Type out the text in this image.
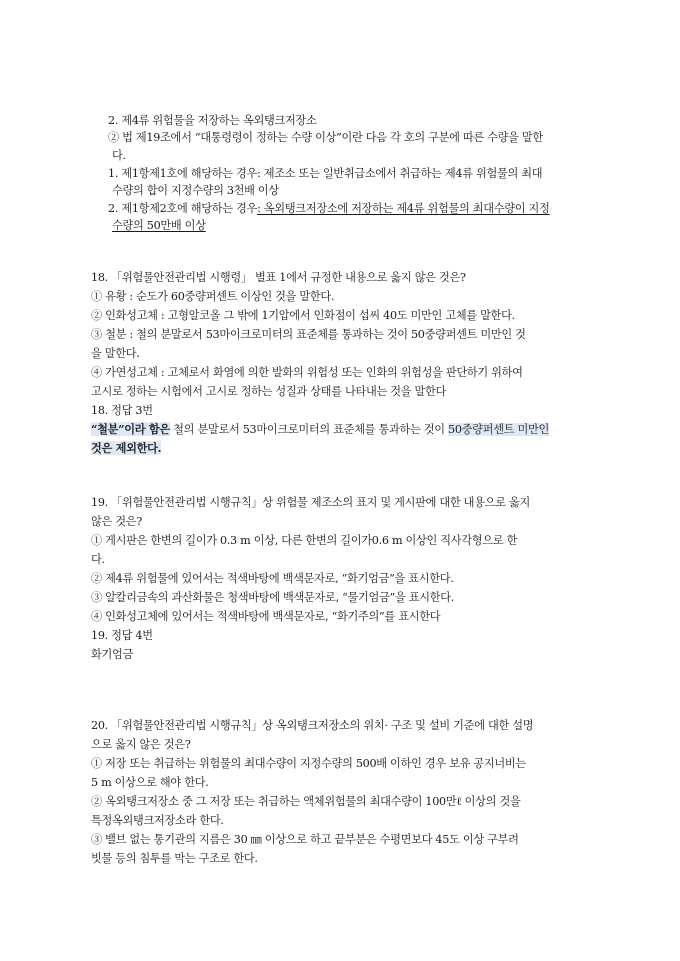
2. 제4류 위험물을 저장하는 옥외탱크저장소
② 법 제19조에서 “대통령령이 정하는 수량 이상”이란 다음 각 호의 구분에 따른 수량을 말한
다.
1. 제1항제1호에 해당하는 경우: 제조소 또는 일반취급소에서 취급하는 제4류 위험물의 최대
수량의 합이 지정수량의 3천배 이상
2. 제1항제2호에 해당하는 경우: 옥외탱크저장소에 저장하는 제4류 위험물의 최대수량이 지정
수량의 50만배 이상
18. 「위험물안전관리법 시행령」 별표 1에서 규정한 내용으로 옳지 않은 것은?
① 유황 : 순도가 60중량퍼센트 이상인 것을 말한다.
② 인화성고체 : 고형알코올 그 밖에 1기압에서 인화점이 섭씨 40도 미만인 고체를 말한다.
③ 철분 : 철의 분말로서 53마이크로미터의 표준체를 통과하는 것이 50중량퍼센트 미만인 것
을 말한다.
④ 가연성고체 : 고체로서 화염에 의한 발화의 위험성 또는 인화의 위험성을 판단하기 위하여
고시로 정하는 시험에서 고시로 정하는 성질과 상태를 나타내는 것을 말한다
18. 정답 3번
“철분”이라 함은 철의 분말로서 53마이크로미터의 표준체를 통과하는 것이 50중량퍼센트 미만인
것은 제외한다.
19. 「위험물안전관리법 시행규칙」상 위험물 제조소의 표지 및 게시판에 대한 내용으로 옳지
않은 것은?
① 게시판은 한변의 길이가 0.3 m 이상, 다른 한변의 길이가0.6 m 이상인 직사각형으로 한
다.
② 제4류 위험물에 있어서는 적색바탕에 백색문자로, “화기엄금”을 표시한다.
③ 알칼리금속의 과산화물은 청색바탕에 백색문자로, “물기엄금”을 표시한다.
④ 인화성고체에 있어서는 적색바탕에 백색문자로, “화기주의”를 표시한다
19. 정답 4번
화기엄금
20. 「위험물안전관리법 시행규칙」상 옥외탱크저장소의 위치· 구조 및 설비 기준에 대한 설명
으로 옳지 않은 것은?
① 저장 또는 취급하는 위험물의 최대수량이 지정수량의 500배 이하인 경우 보유 공지너비는
5 m 이상으로 해야 한다.
② 옥외탱크저장소 중 그 저장 또는 취급하는 액체위험물의 최대수량이 100만ℓ 이상의 것을
특정옥외탱크저장소라 한다.
③ 밸브 없는 통기관의 지름은 30 ㎜ 이상으로 하고 끝부분은 수평면보다 45도 이상 구부려
빗물 등의 침투를 막는 구조로 한다.
